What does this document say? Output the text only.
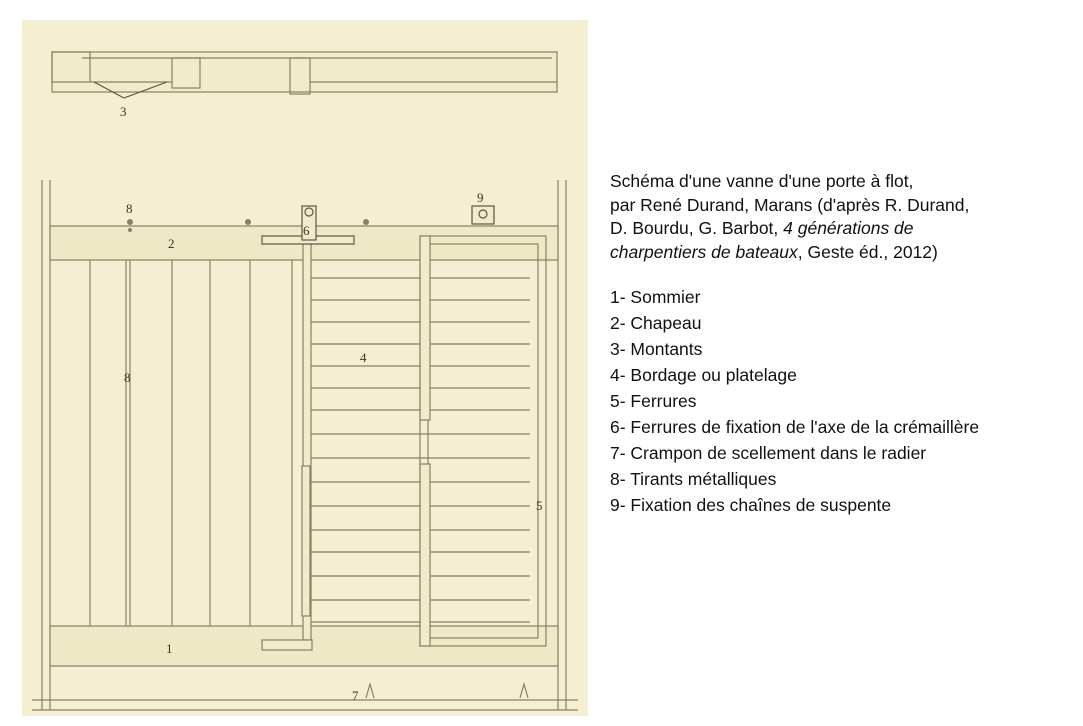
3
8
9
2
6
8
4
5
1
7

Schéma d'une vanne d'une porte à flot,
par René Durand, Marans (d'après R. Durand,
D. Bourdu, G. Barbot, 4 générations de
charpentiers de bateaux, Geste éd., 2012)

1- Sommier
2- Chapeau
3- Montants
4- Bordage ou platelage
5- Ferrures
6- Ferrures de fixation de l'axe de la crémaillère
7- Crampon de scellement dans le radier
8- Tirants métalliques
9- Fixation des chaînes de suspente
